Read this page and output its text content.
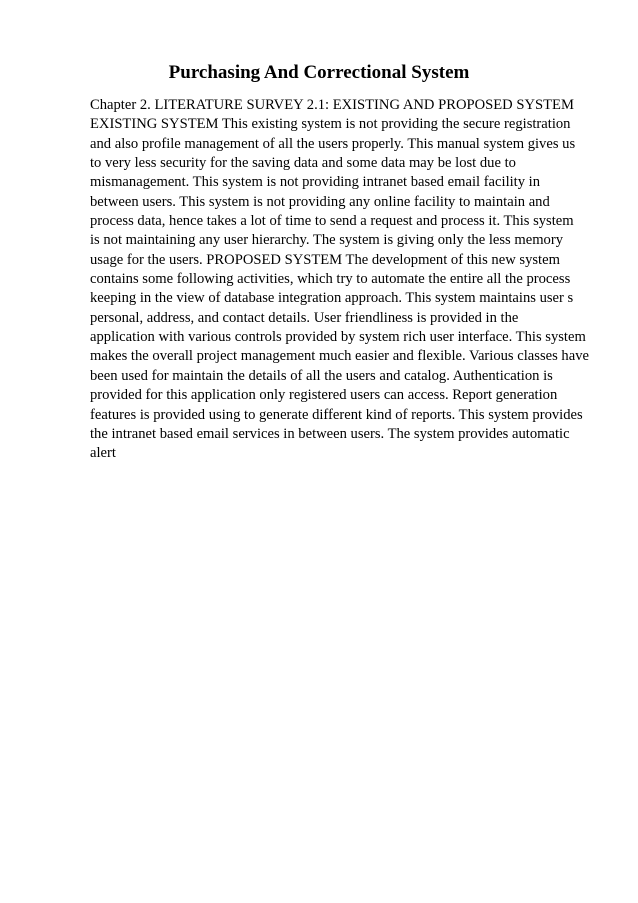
Purchasing And Correctional System
Chapter 2. LITERATURE SURVEY 2.1: EXISTING AND PROPOSED SYSTEM
EXISTING SYSTEM This existing system is not providing the secure registration
and also profile management of all the users properly. This manual system gives us
to very less security for the saving data and some data may be lost due to
mismanagement. This system is not providing intranet based email facility in
between users. This system is not providing any online facility to maintain and
process data, hence takes a lot of time to send a request and process it. This system
is not maintaining any user hierarchy. The system is giving only the less memory
usage for the users. PROPOSED SYSTEM The development of this new system
contains some following activities, which try to automate the entire all the process
keeping in the view of database integration approach. This system maintains user s
personal, address, and contact details. User friendliness is provided in the
application with various controls provided by system rich user interface. This system
makes the overall project management much easier and flexible. Various classes have
been used for maintain the details of all the users and catalog. Authentication is
provided for this application only registered users can access. Report generation
features is provided using to generate different kind of reports. This system provides
the intranet based email services in between users. The system provides automatic
alert
